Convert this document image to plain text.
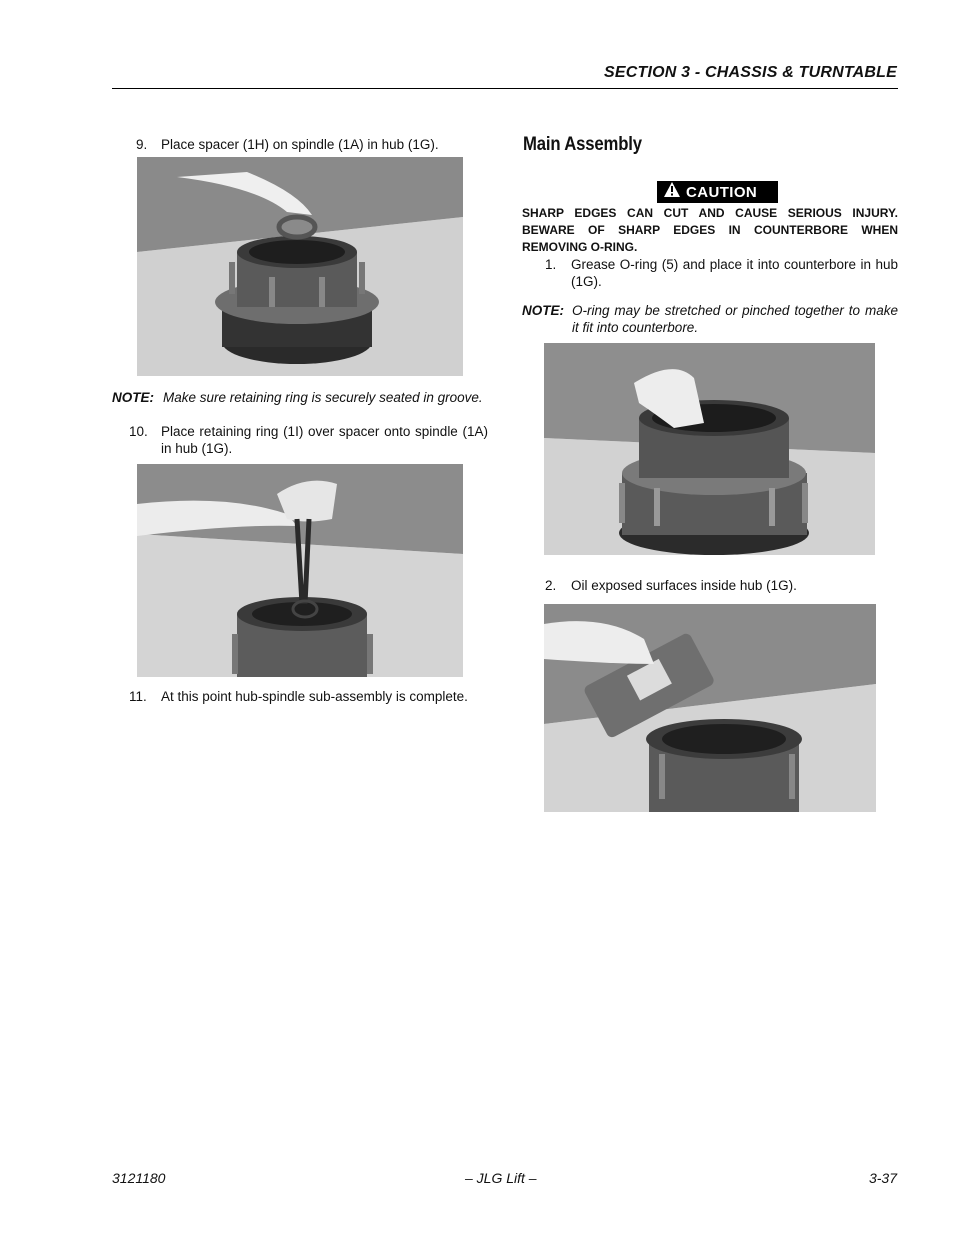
SECTION 3 - CHASSIS & TURNTABLE
9.	Place spacer (1H) on spindle (1A) in hub (1G).
NOTE: Make sure retaining ring is securely seated in groove.
10. Place retaining ring (1I) over spacer onto spindle (1A) in hub (1G).
11.	At this point hub-spindle sub-assembly is complete.
Main Assembly
CAUTION
SHARP EDGES CAN CUT AND CAUSE SERIOUS INJURY. BEWARE OF SHARP EDGES IN COUNTERBORE WHEN REMOVING O-RING.
1.	Grease O-ring (5) and place it into counterbore in hub (1G).
NOTE: O-ring may be stretched or pinched together to make it fit into counterbore.
2.	Oil exposed surfaces inside hub (1G).
3121180	– JLG Lift –	3-37
